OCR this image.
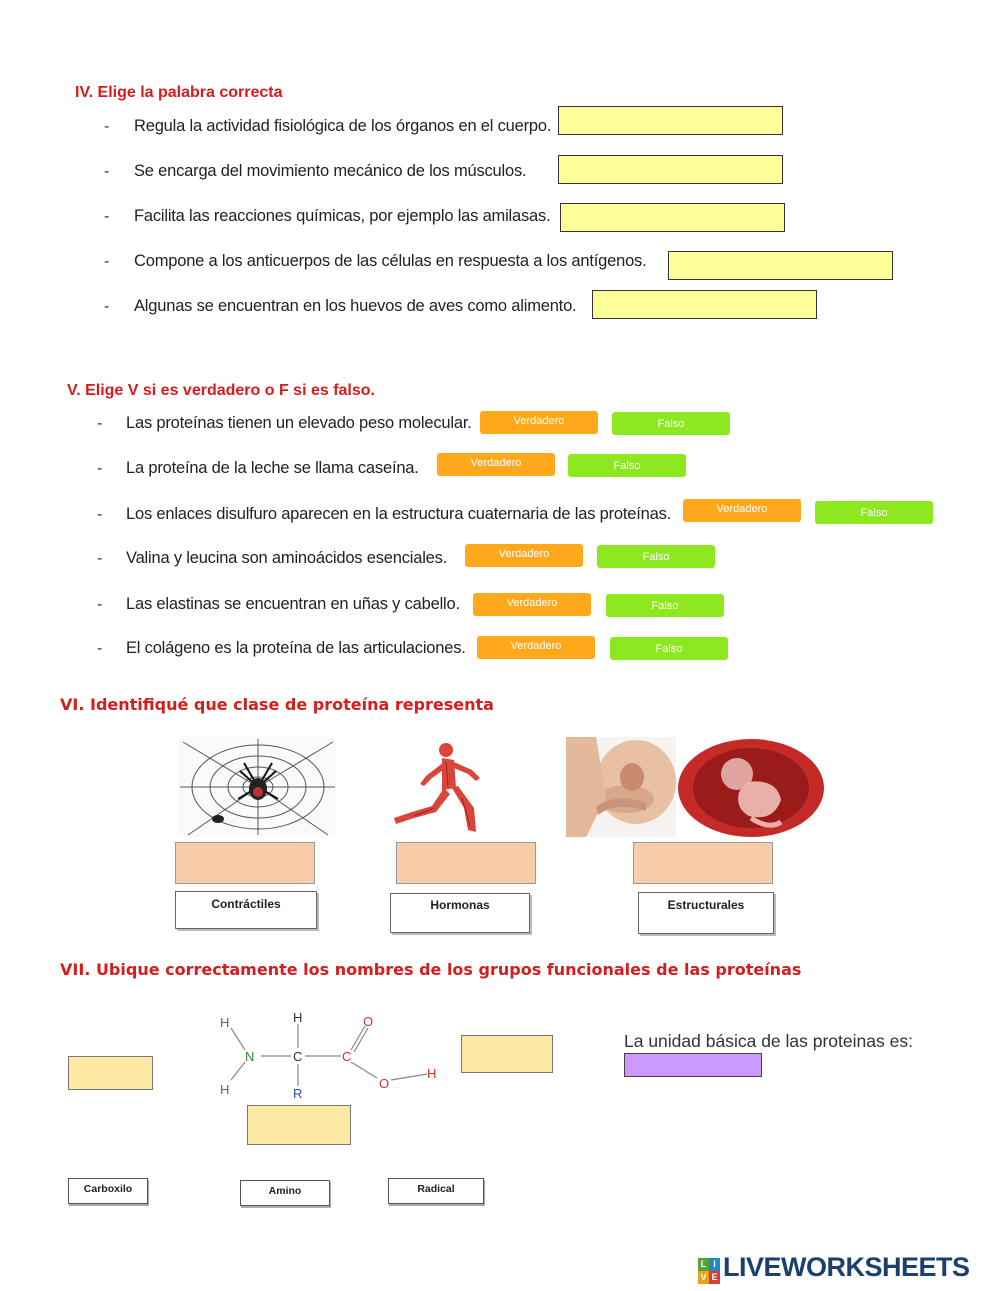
IV. Elige la palabra correcta
- Regula la actividad fisiológica de los órganos en el cuerpo.
- Se encarga del movimiento mecánico de los músculos.
- Facilita las reacciones químicas, por ejemplo las amilasas.
- Compone a los anticuerpos de las células en respuesta a los antígenos.
- Algunas se encuentran en los huevos de aves como alimento.
V. Elige V si es verdadero o F si es falso.
- Las proteínas tienen un elevado peso molecular.	Verdadero	Falso
- La proteína de la leche se llama caseína.	Verdadero	Falso
- Los enlaces disulfuro aparecen en la estructura cuaternaria de las proteínas.	Verdadero	Falso
- Valina y leucina son aminoácidos esenciales.	Verdadero	Falso
- Las elastinas se encuentran en uñas y cabello.	Verdadero	Falso
- El colágeno es la proteína de las articulaciones.	Verdadero	Falso
VI. Identifiqué que clase de proteína representa
Contráctiles	Hormonas	Estructurales
VII. Ubique correctamente los nombres de los grupos funcionales de las proteínas
H
H
N	C
H
R
C
O
O
H
La unidad básica de las proteinas es:
Carboxilo	Amino	Radical
L I
V E LIVEWORKSHEETS
